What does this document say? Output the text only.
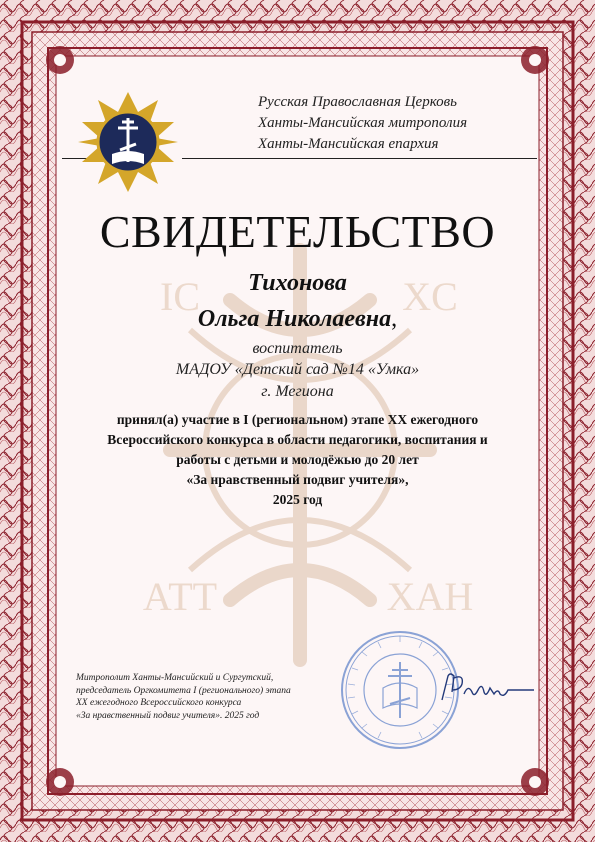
IC	XC
АТТ	ХАН
Русская Православная Церковь
Ханты-Мансийская митрополия
Ханты-Мансийская епархия
СВИДЕТЕЛЬСТВО
Тихонова
Ольга Николаевна,
воспитатель
МАДОУ «Детский сад №14 «Умка»
г. Мегиона
принял(а) участие в I (региональном) этапе XX ежегодного
Всероссийского конкурса в области педагогики, воспитания и
работы с детьми и молодёжью до 20 лет
«За нравственный подвиг учителя»,
2025 год
Митрополит Ханты-Мансийский и Сургутский,
председатель Оргкомитета I (регионального) этапа
XX ежегодного Всероссийского конкурса
«За нравственный подвиг учителя». 2025 год
